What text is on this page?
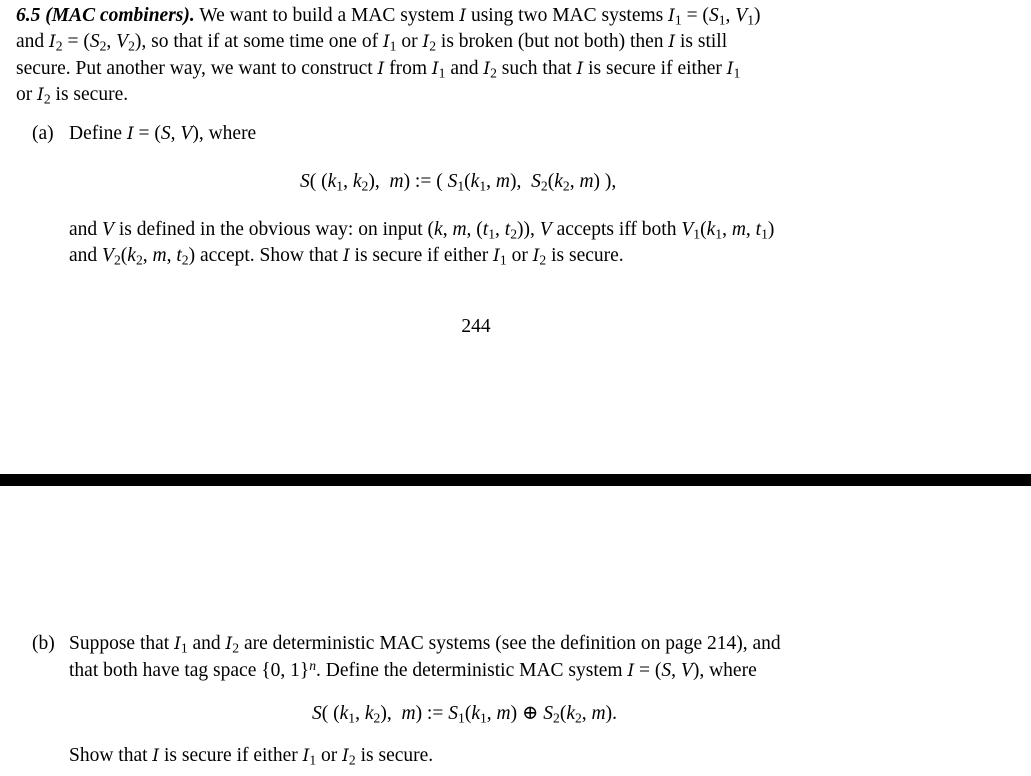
6.5 (MAC combiners). We want to build a MAC system I using two MAC systems $I_1 = (S_1$, $V_1$)
and $I_2 = (S_2$, $V_2$), so that if at some time one of $I_1$ or $I_2$ is broken (but not both) then I is still
secure. Put another way, we want to construct I from $I_1$ and $I_2$ such that I is secure if either $I_1$
or $I_2$ is secure.
(a) Define I = (S, V), where
S( ($k_1$, $k_2$),  m) := ( $S_1(k_1$, m),  $S_2(k_2$, m) ),
and V is defined in the obvious way: on input (k, m, ($t_1$, $t_2$)), V accepts iff both $V_1(k_1$, m, $t_1$)
and $V_2(k_2$, m, $t_2$) accept. Show that I is secure if either $I_1$ or $I_2$ is secure.
244
(b) Suppose that $I_1$ and $I_2$ are deterministic MAC systems (see the definition on page 214), and
that both have tag space {0, 1}$^n$. Define the deterministic MAC system I = (S, V), where
S( ($k_1$, $k_2$),  m) := $S_1(k_1$, m) ⊕ $S_2(k_2$, m).
Show that I is secure if either $I_1$ or $I_2$ is secure.
